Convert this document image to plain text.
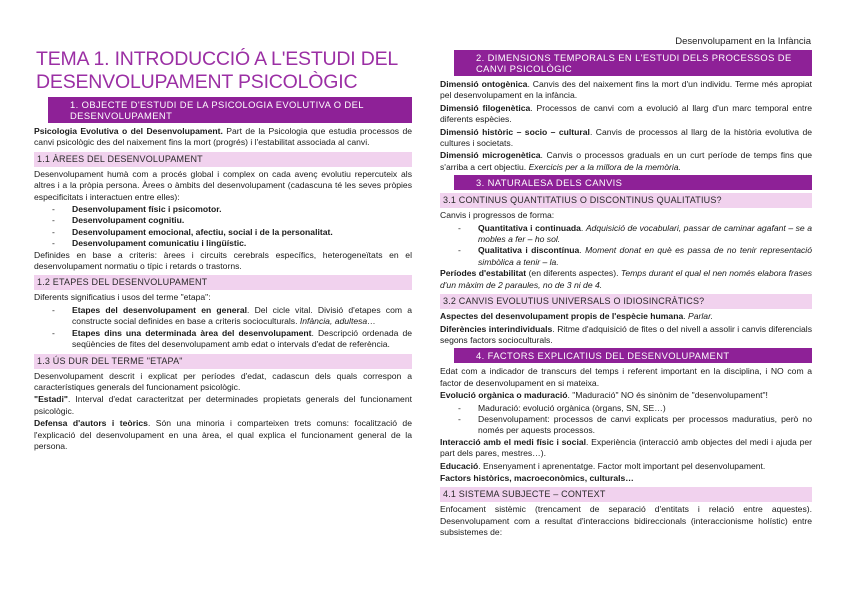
Desenvolupament en la Infància
TEMA 1. INTRODUCCIÓ A L'ESTUDI DEL DESENVOLUPAMENT PSICOLÒGIC
1. OBJECTE D'ESTUDI DE LA PSICOLOGIA EVOLUTIVA O DEL DESENVOLUPAMENT

Psicologia Evolutiva o del Desenvolupament. Part de la Psicologia que estudia processos de canvi psicològic des del naixement fins la mort (progrés) i l'estabilitat associada al canvi.

1.1 ÀREES DEL DESENVOLUPAMENT

Desenvolupament humà com a procés global i complex on cada avenç evolutiu repercuteix als altres i a la pròpia persona. Àrees o àmbits del desenvolupament (cadascuna té les seves pròpies especificitats i interactuen entre elles):

- Desenvolupament físic i psicomotor.
- Desenvolupament cognitiu.
- Desenvolupament emocional, afectiu, social i de la personalitat.
- Desenvolupament comunicatiu i lingüístic.

Definides en base a criteris: àrees i circuits cerebrals específics, heterogeneïtats en el desenvolupament normatiu o típic i retards o trastorns.

1.2 ETAPES DEL DESENVOLUPAMENT

Diferents significatius i usos del terme "etapa":

- Etapes del desenvolupament en general. Del cicle vital. Divisió d'etapes com a constructe social definides en base a criteris socioculturals. Infància, adultesa…
- Etapes dins una determinada àrea del desenvolupament. Descripció ordenada de seqüències de fites del desenvolupament amb edat o intervals d'edat de referència.
1.3 ÚS DUR DEL TERME "ETAPA"

Desenvolupament descrit i explicat per períodes d'edat, cadascun dels quals correspon a característiques generals del funcionament psicològic.

"Estadi". Interval d'edat caracteritzat per determinades propietats generals del funcionament psicològic.

Defensa d'autors i teòrics. Són una minoria i comparteixen trets comuns: focalització de l'explicació del desenvolupament en una àrea, el qual explica el funcionament general de la persona.

2. DIMENSIONS TEMPORALS EN L'ESTUDI DELS PROCESSOS DE CANVI PSICOLÒGIC

Dimensió ontogènica. Canvis des del naixement fins la mort d'un individu. Terme més apropiat pel desenvolupament en la infància.

Dimensió filogenètica. Processos de canvi com a evolució al llarg d'un marc temporal entre diferents espècies.

Dimensió històric – socio – cultural. Canvis de processos al llarg de la història evolutiva de cultures i societats.

Dimensió microgenètica. Canvis o processos graduals en un curt període de temps fins que s'arriba a cert objectiu. Exercicis per a la millora de la memòria.

3. NATURALESA DELS CANVIS
3.1 CONTINUS QUANTITATIUS O DISCONTINUS QUALITATIUS?

Canvis i progressos de forma:

- Quantitativa i continuada. Adquisició de vocabulari, passar de caminar agafant – se a mobles a fer – ho sol.
- Qualitativa i discontínua. Moment donat en què es passa de no tenir representació simbòlica a tenir – la.

Períodes d'estabilitat (en diferents aspectes). Temps durant el qual el nen només elabora frases d'un màxim de 2 paraules, no de 3 ni de 4.

3.2 CANVIS EVOLUTIUS UNIVERSALS O IDIOSINCRÀTICS?

Aspectes del desenvolupament propis de l'espècie humana. Parlar.

Diferències interindividuals. Ritme d'adquisició de fites o del nivell a assolir i canvis diferencials segons factors socioculturals.

4. FACTORS EXPLICATIUS DEL DESENVOLUPAMENT

Edat com a indicador de transcurs del temps i referent important en la disciplina, i NO com a factor de desenvolupament en si mateixa.

Evolució orgànica o maduració. "Maduració" NO és sinònim de "desenvolupament"!

- Maduració: evolució orgànica (òrgans, SN, SE…)
- Desenvolupament: processos de canvi explicats per processos maduratius, però no només per aquests processos.

Interacció amb el medi físic i social. Experiència (interacció amb objectes del medi i ajuda per part dels pares, mestres…).

Educació. Ensenyament i aprenentatge. Factor molt important pel desenvolupament.

Factors històrics, macroeconòmics, culturals…

4.1 SISTEMA SUBJECTE – CONTEXT

Enfocament sistèmic (trencament de separació d'entitats i relació entre aquestes). Desenvolupament com a resultat d'interaccions bidireccionals (interaccionisme holístic) entre subsistemes de:
